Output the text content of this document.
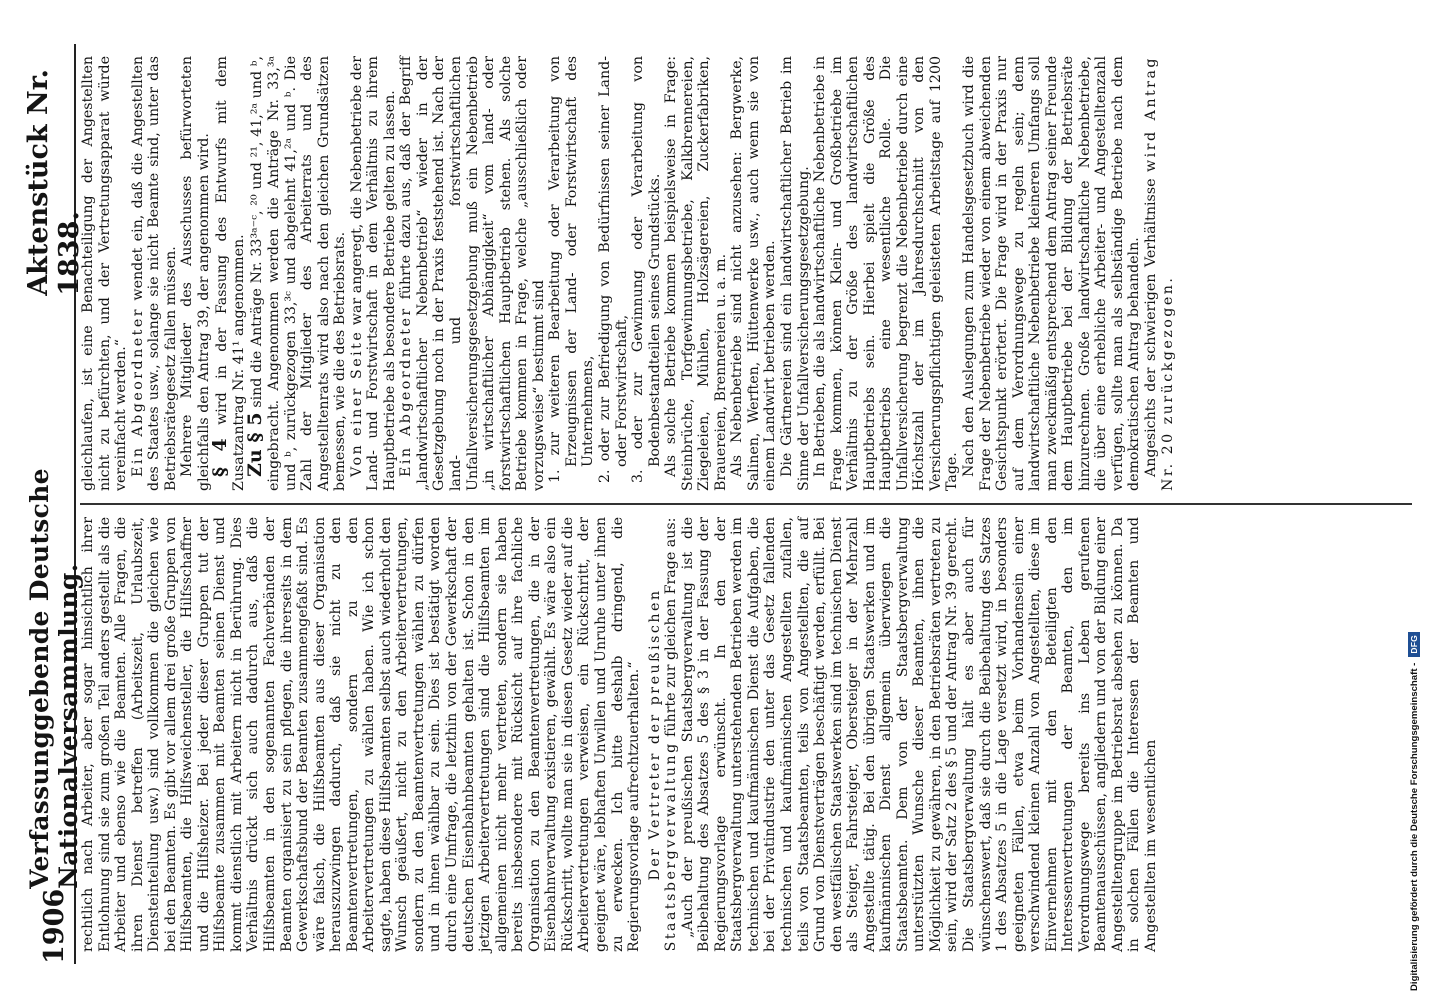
1906
Verfassunggebende Deutsche Nationalversammlung.
Aktenstück Nr. 1838.

rechtlich nach Arbeiter, aber sogar hinsichtlich ihrer Entlohnung sind sie zum großen Teil anders gestellt als die Arbeiter und ebenso wie die Beamten. Alle Fragen, die ihren Dienst betreffen (Arbeitszeit, Urlaubszeit, Diensteinteilung usw.) sind vollkommen die gleichen wie bei den Beamten. Es gibt vor allem drei große Gruppen von Hilfsbeamten, die Hilfsweichensteller, die Hilfsschaffner und die Hilfsheizer. Bei jeder dieser Gruppen tut der Hilfsbeamte zusammen mit Beamten seinen Dienst und kommt dienstlich mit Arbeitern nicht in Berührung. Dies Verhältnis drückt sich auch dadurch aus, daß die Hilfsbeamten in den sogenannten Fachverbänden der Beamten organisiert zu sein pflegen, die ihrerseits in dem Gewerkschaftsbund der Beamten zusammengefaßt sind. Es wäre falsch, die Hilfsbeamten aus dieser Organisation herauszuzwingen dadurch, daß sie nicht zu den Beamtenvertretungen, sondern zu den Arbeitervertretungen zu wählen haben. Wie ich schon sagte, haben diese Hilfsbeamten selbst auch wiederholt den Wunsch geäußert, nicht zu den Arbeitervertretungen, sondern zu den Beamtenvertretungen wählen zu dürfen und in ihnen wählbar zu sein. Dies ist bestätigt worden durch eine Umfrage, die letzthin von der Gewerkschaft der deutschen Eisenbahnbeamten gehalten ist. Schon in den jetzigen Arbeitervertretungen sind die Hilfsbeamten im allgemeinen nicht mehr vertreten, sondern sie haben bereits insbesondere mit Rücksicht auf ihre fachliche Organisation zu den Beamtenvertretungen, die in der Eisenbahnverwaltung existieren, gewählt. Es wäre also ein Rückschritt, wollte man sie in diesen Gesetz wieder auf die Arbeitervertretungen verweisen, ein Rückschritt, der geeignet wäre, lebhaften Unwillen und Unruhe unter ihnen zu erwecken. Ich bitte deshalb dringend, die Regierungsvorlage aufrechtzuerhalten.“ Der Vertreter der preußischen Staatsbergverwaltung führte zur gleichen Frage aus: „Auch der preußischen Staatsbergverwaltung ist die Beibehaltung des Absatzes 5 des § 3 in der Fassung der Regierungsvorlage erwünscht. In den der Staatsbergverwaltung unterstehenden Betrieben werden im technischen und kaufmännischen Dienst die Aufgaben, die bei der Privatindustrie den unter das Gesetz fallenden technischen und kaufmännischen Angestellten zufallen, teils von Staatsbeamten, teils von Angestellten, die auf Grund von Dienstverträgen beschäftigt werden, erfüllt. Bei den westfälischen Staatswerken sind im technischen Dienst als Steiger, Fahrsteiger, Obersteiger in der Mehrzahl Angestellte tätig. Bei den übrigen Staatswerken und im kaufmännischen Dienst allgemein überwiegen die Staatsbeamten. Dem von der Staatsbergverwaltung unterstützten Wunsche dieser Beamten, ihnen die Möglichkeit zu gewähren, in den Betriebsräten vertreten zu sein, wird der Satz 2 des § 5 und der Antrag Nr. 39 gerecht. Die Staatsbergverwaltung hält es aber auch für wünschenswert, daß sie durch die Beibehaltung des Satzes 1 des Absatzes 5 in die Lage versetzt wird, in besonders geeigneten Fällen, etwa beim Vorhandensein einer verschwindend kleinen Anzahl von Angestellten, diese im Einvernehmen mit den Beteiligten den Interessenvertretungen der Beamten, den im Verordnungswege bereits ins Leben gerufenen Beamtenausschüssen, angliedern und von der Bildung einer Angestelltengruppe im Betriebsrat absehen zu können. Da in solchen Fällen die Interessen der Beamten und Angestellten im wesentlichen

gleichlaufen, ist eine Benachteiligung der Angestellten nicht zu befürchten, und der Vertretungsapparat würde vereinfacht werden.“ Ein Abgeordneter wendet ein, daß die Angestellten des Staates usw., solange sie nicht Beamte sind, unter das Betriebsrätegesetz fallen müssen. Mehrere Mitglieder des Ausschusses befürworteten gleichfalls den Antrag 39, der angenommen wird.

§ 4 wird in der Fassung des Entwurfs mit dem Zusatzantrag Nr. 41¹ angenommen.

Zu § 5 sind die Anträge Nr. 33³ᵃ⁻ᶜ, ²⁰ und ²¹, 41,²ᵃ und ᵇ, eingebracht. Angenommen werden die Anträge Nr. 33,³ᵃ und ᵇ, zurückgezogen 33,³ᶜ und abgelehnt 41,²ᵃ und ᵇ. Die Zahl der Mitglieder des Arbeiterrats und des Angestelltenrats wird also nach den gleichen Grundsätzen bemessen, wie die des Betriebsrats. Von einer Seite war angeregt, die Nebenbetriebe der Land- und Forstwirtschaft in dem Verhältnis zu ihrem Hauptbetriebe als besondere Betriebe gelten zu lassen. Ein Abgeordneter führte dazu aus, daß der Begriff „landwirtschaftlicher Nebenbetrieb“ wieder in der Gesetzgebung noch in der Praxis feststehend ist. Nach der land- und forstwirtschaftlichen Unfallversicherungsgesetzgebung muß ein Nebenbetrieb „in wirtschaftlicher Abhängigkeit“ vom land- oder forstwirtschaftlichen Hauptbetrieb stehen. Als solche Betriebe kommen in Frage, welche „ausschließlich oder vorzugsweise“ bestimmt sind 1. zur weiteren Bearbeitung oder Verarbeitung von Erzeugnissen der Land- oder Forstwirtschaft des Unternehmens, 2. oder zur Befriedigung von Bedürfnissen seiner Land- oder Forstwirtschaft, 3. oder zur Gewinnung oder Verarbeitung von Bodenbestandteilen seines Grundstücks. Als solche Betriebe kommen beispielsweise in Frage: Steinbrüche, Torfgewinnungsbetriebe, Kalkbrennereien, Ziegeleien, Mühlen, Holzsägereien, Zuckerfabriken, Brauereien, Brennereien u. a. m. Als Nebenbetriebe sind nicht anzusehen: Bergwerke, Salinen, Werften, Hüttenwerke usw., auch wenn sie von einem Landwirt betrieben werden. Die Gärtnereien sind ein landwirtschaftlicher Betrieb im Sinne der Unfallversicherungsgesetzgebung. In Betrieben, die als landwirtschaftliche Nebenbetriebe in Frage kommen, können Klein- und Großbetriebe im Verhältnis zu der Größe des landwirtschaftlichen Hauptbetriebs sein. Hierbei spielt die Größe des Hauptbetriebs eine wesentliche Rolle. Die Unfallversicherung begrenzt die Nebenbetriebe durch eine Höchstzahl der im Jahresdurchschnitt von den Versicherungspflichtigen geleisteten Arbeitstage auf 1200 Tage. Nach den Auslegungen zum Handelsgesetzbuch wird die Frage der Nebenbetriebe wieder von einem abweichenden Gesichtspunkt erörtert. Die Frage wird in der Praxis nur auf dem Verordnungswege zu regeln sein; denn landwirtschaftliche Nebenbetriebe kleineren Umfangs soll man zweckmäßig entsprechend dem Antrag seiner Freunde dem Hauptbetriebe bei der Bildung der Betriebsräte hinzurechnen. Große landwirtschaftliche Nebenbetriebe, die über eine erhebliche Arbeiter- und Angestelltenzahl verfügen, sollte man als selbständige Betriebe nach dem demokratischen Antrag behandeln. Angesichts der schwierigen Verhältnisse wird Antrag Nr. 20 zurückgezogen.

Digitalisierung gefördert durch die Deutsche Forschungsgemeinschaft -
DFG
